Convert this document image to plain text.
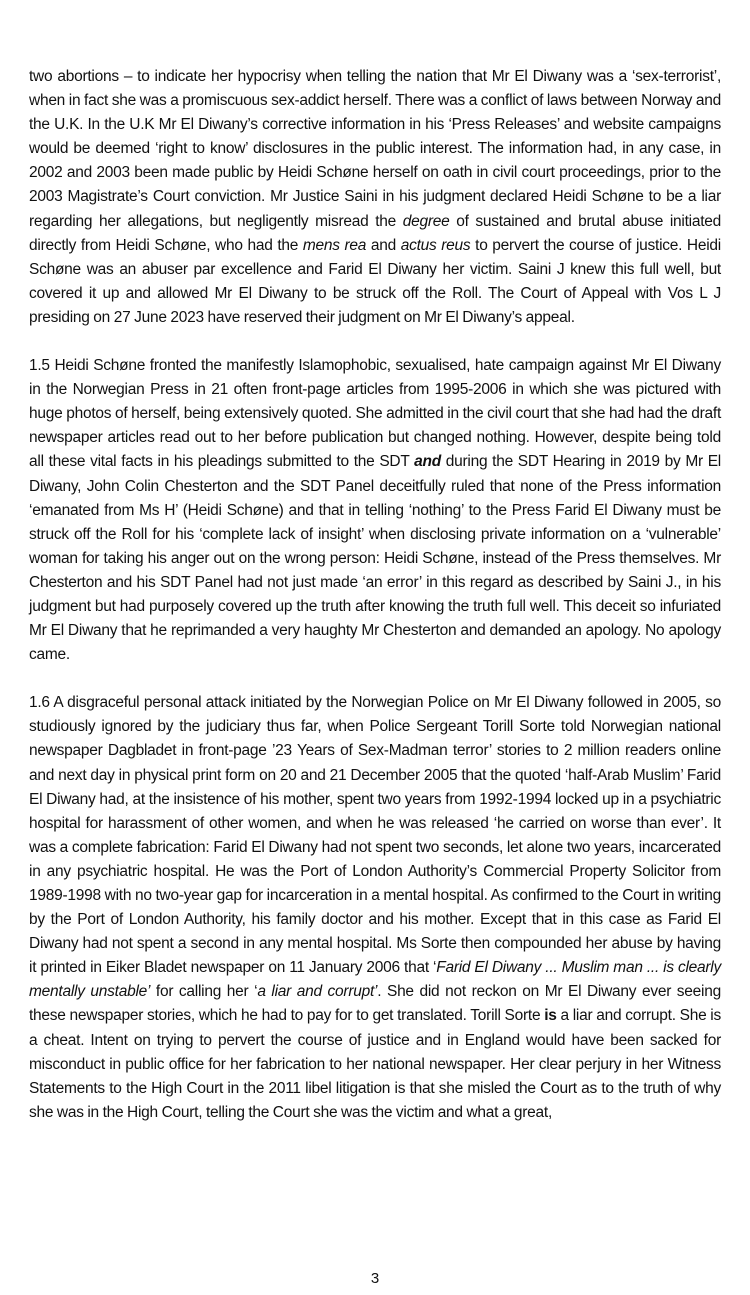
two abortions – to indicate her hypocrisy when telling the nation that Mr El Diwany was a ‘sex-terrorist’, when in fact she was a promiscuous sex-addict herself. There was a conflict of laws between Norway and the U.K. In the U.K Mr El Diwany’s corrective information in his ‘Press Releases’ and website campaigns would be deemed ‘right to know’ disclosures in the public interest. The information had, in any case, in 2002 and 2003 been made public by Heidi Schøne herself on oath in civil court proceedings, prior to the 2003 Magistrate’s Court conviction. Mr Justice Saini in his judgment declared Heidi Schøne to be a liar regarding her allegations, but negligently misread the degree of sustained and brutal abuse initiated directly from Heidi Schøne, who had the mens rea and actus reus to pervert the course of justice. Heidi Schøne was an abuser par excellence and Farid El Diwany her victim. Saini J knew this full well, but covered it up and allowed Mr El Diwany to be struck off the Roll. The Court of Appeal with Vos L J presiding on 27 June 2023 have reserved their judgment on Mr El Diwany’s appeal.

1.5 Heidi Schøne fronted the manifestly Islamophobic, sexualised, hate campaign against Mr El Diwany in the Norwegian Press in 21 often front-page articles from 1995-2006 in which she was pictured with huge photos of herself, being extensively quoted. She admitted in the civil court that she had had the draft newspaper articles read out to her before publication but changed nothing. However, despite being told all these vital facts in his pleadings submitted to the SDT and during the SDT Hearing in 2019 by Mr El Diwany, John Colin Chesterton and the SDT Panel deceitfully ruled that none of the Press information ‘emanated from Ms H’ (Heidi Schøne) and that in telling ‘nothing’ to the Press Farid El Diwany must be struck off the Roll for his ‘complete lack of insight’ when disclosing private information on a ‘vulnerable’ woman for taking his anger out on the wrong person: Heidi Schøne, instead of the Press themselves. Mr Chesterton and his SDT Panel had not just made ‘an error’ in this regard as described by Saini J., in his judgment but had purposely covered up the truth after knowing the truth full well. This deceit so infuriated Mr El Diwany that he reprimanded a very haughty Mr Chesterton and demanded an apology. No apology came.

1.6 A disgraceful personal attack initiated by the Norwegian Police on Mr El Diwany followed in 2005, so studiously ignored by the judiciary thus far, when Police Sergeant Torill Sorte told Norwegian national newspaper Dagbladet in front-page ’23 Years of Sex-Madman terror’ stories to 2 million readers online and next day in physical print form on 20 and 21 December 2005 that the quoted ‘half-Arab Muslim’ Farid El Diwany had, at the insistence of his mother, spent two years from 1992-1994 locked up in a psychiatric hospital for harassment of other women, and when he was released ‘he carried on worse than ever’. It was a complete fabrication: Farid El Diwany had not spent two seconds, let alone two years, incarcerated in any psychiatric hospital. He was the Port of London Authority’s Commercial Property Solicitor from 1989-1998 with no two-year gap for incarceration in a mental hospital. As confirmed to the Court in writing by the Port of London Authority, his family doctor and his mother. Except that in this case as Farid El Diwany had not spent a second in any mental hospital. Ms Sorte then compounded her abuse by having it printed in Eiker Bladet newspaper on 11 January 2006 that ‘Farid El Diwany ... Muslim man ... is clearly mentally unstable’ for calling her ‘a liar and corrupt’. She did not reckon on Mr El Diwany ever seeing these newspaper stories, which he had to pay for to get translated. Torill Sorte is a liar and corrupt. She is a cheat. Intent on trying to pervert the course of justice and in England would have been sacked for misconduct in public office for her fabrication to her national newspaper. Her clear perjury in her Witness Statements to the High Court in the 2011 libel litigation is that she misled the Court as to the truth of why she was in the High Court, telling the Court she was the victim and what a great,

3
